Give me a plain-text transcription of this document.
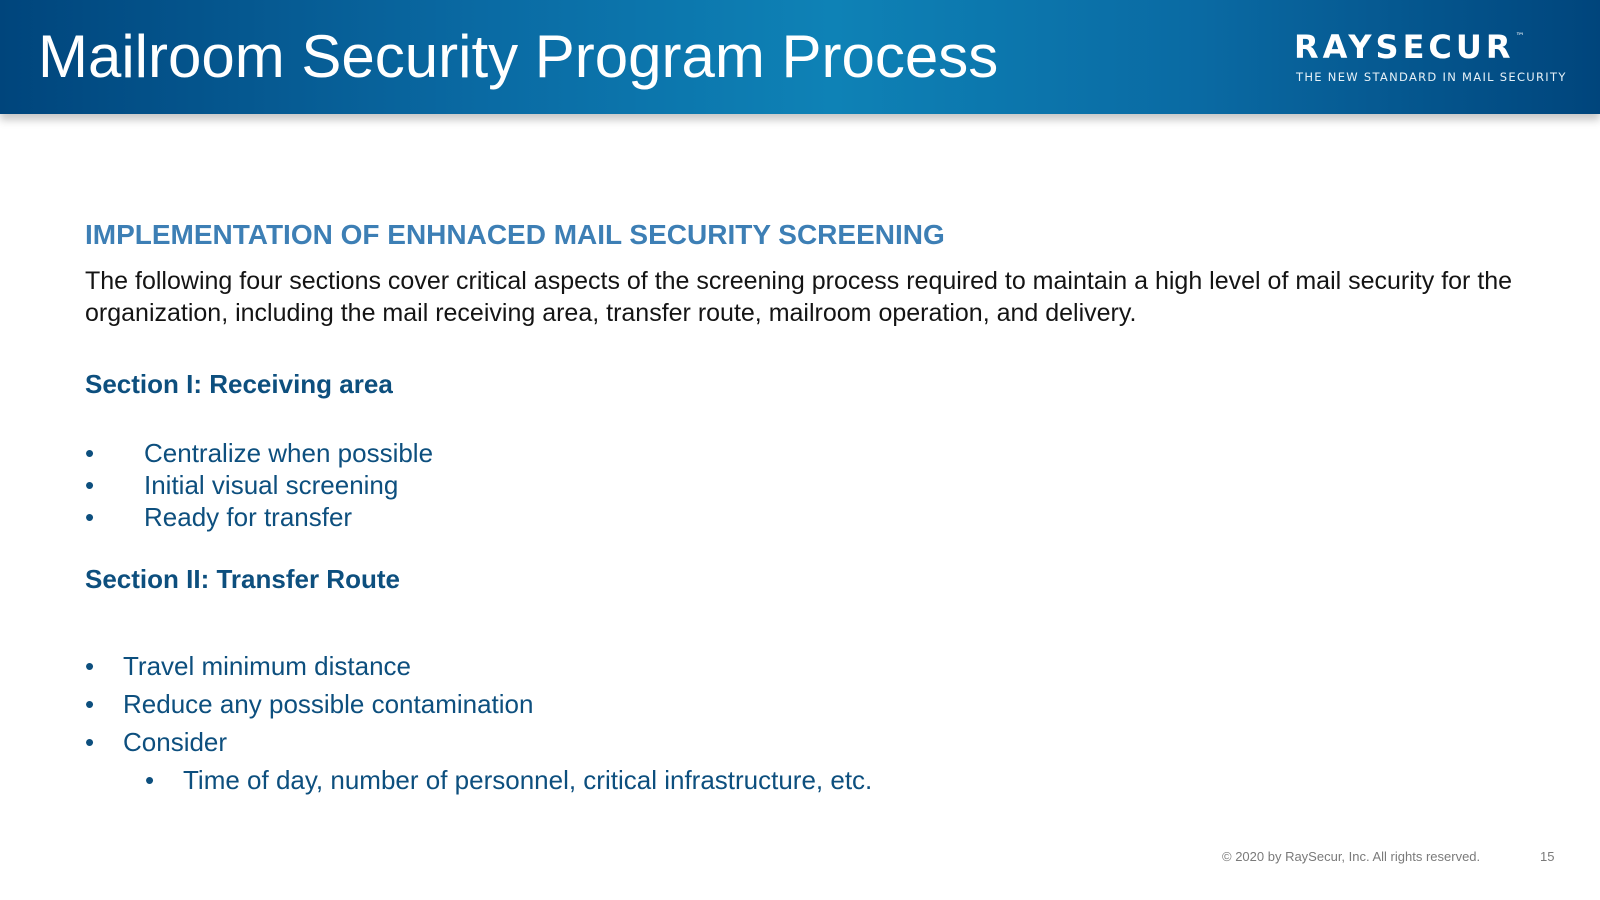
Mailroom Security Program Process	RAYSECUR ™
THE NEW STANDARD IN MAIL SECURITY
IMPLEMENTATION OF ENHNACED MAIL SECURITY SCREENING

The following four sections cover critical aspects of the screening process required to maintain a high level of mail security for the organization, including the mail receiving area, transfer route, mailroom operation, and delivery.

Section I: Receiving area
• Centralize when possible
• Initial visual screening
• Ready for transfer
Section II: Transfer Route
• Travel minimum distance
• Reduce any possible contamination
• Consider
• Time of day, number of personnel, critical infrastructure, etc.
© 2020 by RaySecur, Inc. All rights reserved.	15
